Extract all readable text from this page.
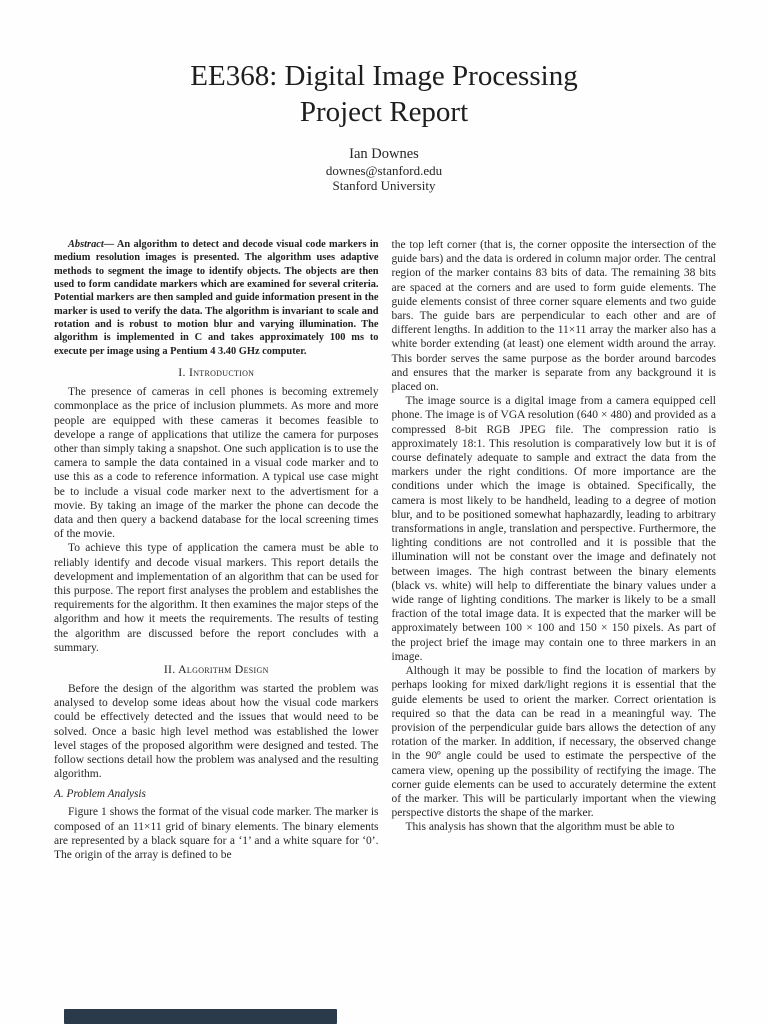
EE368: Digital Image Processing
Project Report
Ian Downes
downes@stanford.edu
Stanford University

Abstract— An algorithm to detect and decode visual code markers in medium resolution images is presented. The algorithm uses adaptive methods to segment the image to identify objects. The objects are then used to form candidate markers which are examined for several criteria. Potential markers are then sampled and guide information present in the marker is used to verify the data. The algorithm is invariant to scale and rotation and is robust to motion blur and varying illumination. The algorithm is implemented in C and takes approximately 100 ms to execute per image using a Pentium 4 3.40 GHz computer.

I. Introduction

The presence of cameras in cell phones is becoming extremely commonplace as the price of inclusion plummets. As more and more people are equipped with these cameras it becomes feasible to develope a range of applications that utilize the camera for purposes other than simply taking a snapshot. One such application is to use the camera to sample the data contained in a visual code marker and to use this as a code to reference information. A typical use case might be to include a visual code marker next to the advertisment for a movie. By taking an image of the marker the phone can decode the data and then query a backend database for the local screening times of the movie.

To achieve this type of application the camera must be able to reliably identify and decode visual markers. This report details the development and implementation of an algorithm that can be used for this purpose. The report first analyses the problem and establishes the requirements for the algorithm. It then examines the major steps of the algorithm and how it meets the requirements. The results of testing the algorithm are discussed before the report concludes with a summary.

II. Algorithm Design

Before the design of the algorithm was started the problem was analysed to develop some ideas about how the visual code markers could be effectively detected and the issues that would need to be solved. Once a basic high level method was established the lower level stages of the proposed algorithm were designed and tested. The follow sections detail how the problem was analysed and the resulting algorithm.

A. Problem Analysis

Figure 1 shows the format of the visual code marker. The marker is composed of an 11×11 grid of binary elements. The binary elements are represented by a black square for a ‘1’ and a white square for ‘0’. The origin of the array is defined to be

the top left corner (that is, the corner opposite the intersection of the guide bars) and the data is ordered in column major order. The central region of the marker contains 83 bits of data. The remaining 38 bits are spaced at the corners and are used to form guide elements. The guide elements consist of three corner square elements and two guide bars. The guide bars are perpendicular to each other and are of different lengths. In addition to the 11×11 array the marker also has a white border extending (at least) one element width around the array. This border serves the same purpose as the border around barcodes and ensures that the marker is separate from any background it is placed on.

The image source is a digital image from a camera equipped cell phone. The image is of VGA resolution (640 × 480) and provided as a compressed 8-bit RGB JPEG file. The compression ratio is approximately 18:1. This resolution is comparatively low but it is of course definately adequate to sample and extract the data from the markers under the right conditions. Of more importance are the conditions under which the image is obtained. Specifically, the camera is most likely to be handheld, leading to a degree of motion blur, and to be positioned somewhat haphazardly, leading to arbitrary transformations in angle, translation and perspective. Furthermore, the lighting conditions are not controlled and it is possible that the illumination will not be constant over the image and definately not between images. The high contrast between the binary elements (black vs. white) will help to differentiate the binary values under a wide range of lighting conditions. The marker is likely to be a small fraction of the total image data. It is expected that the marker will be approximately between 100 × 100 and 150 × 150 pixels. As part of the project brief the image may contain one to three markers in an image.

Although it may be possible to find the location of markers by perhaps looking for mixed dark/light regions it is essential that the guide elements be used to orient the marker. Correct orientation is required so that the data can be read in a meaningful way. The provision of the perpendicular guide bars allows the detection of any rotation of the marker. In addition, if necessary, the observed change in the 90º angle could be used to estimate the perspective of the camera view, opening up the possibility of rectifying the image. The corner guide elements can be used to accurately determine the extent of the marker. This will be particularly important when the viewing perspective distorts the shape of the marker.

This analysis has shown that the algorithm must be able to
